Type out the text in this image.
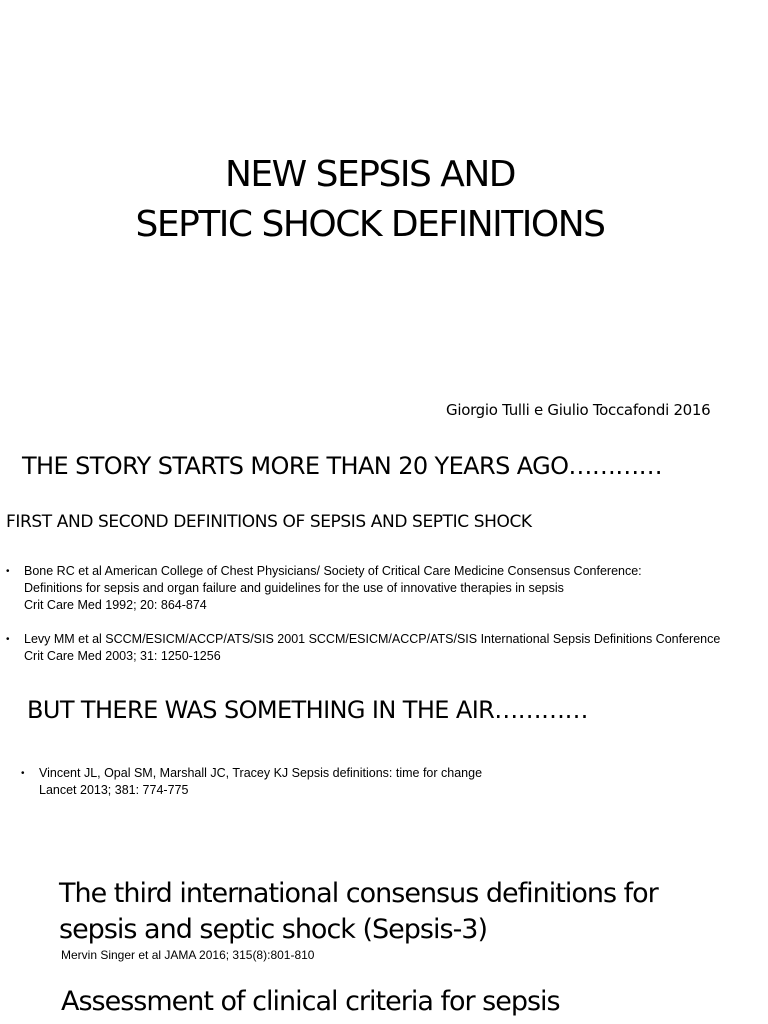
NEW SEPSIS AND
SEPTIC SHOCK DEFINITIONS
Giorgio Tulli e Giulio Toccafondi 2016
THE STORY STARTS MORE THAN 20 YEARS AGO…………
FIRST AND SECOND DEFINITIONS OF SEPSIS AND SEPTIC SHOCK
• Bone RC et al American College of Chest Physicians/ Society of Critical Care Medicine Consensus Conference:
Definitions for sepsis and organ failure and guidelines for the use of innovative therapies in sepsis
Crit Care Med 1992; 20: 864-874
• Levy MM et al SCCM/ESICM/ACCP/ATS/SIS 2001 SCCM/ESICM/ACCP/ATS/SIS International Sepsis Definitions Conference
Crit Care Med 2003; 31: 1250-1256
BUT THERE WAS SOMETHING IN THE AIR…………
• Vincent JL, Opal SM, Marshall JC, Tracey KJ Sepsis definitions: time for change
Lancet 2013; 381: 774-775
The third international consensus definitions for
sepsis and septic shock (Sepsis-3)
Mervin Singer et al JAMA 2016; 315(8):801-810
Assessment of clinical criteria for sepsis
